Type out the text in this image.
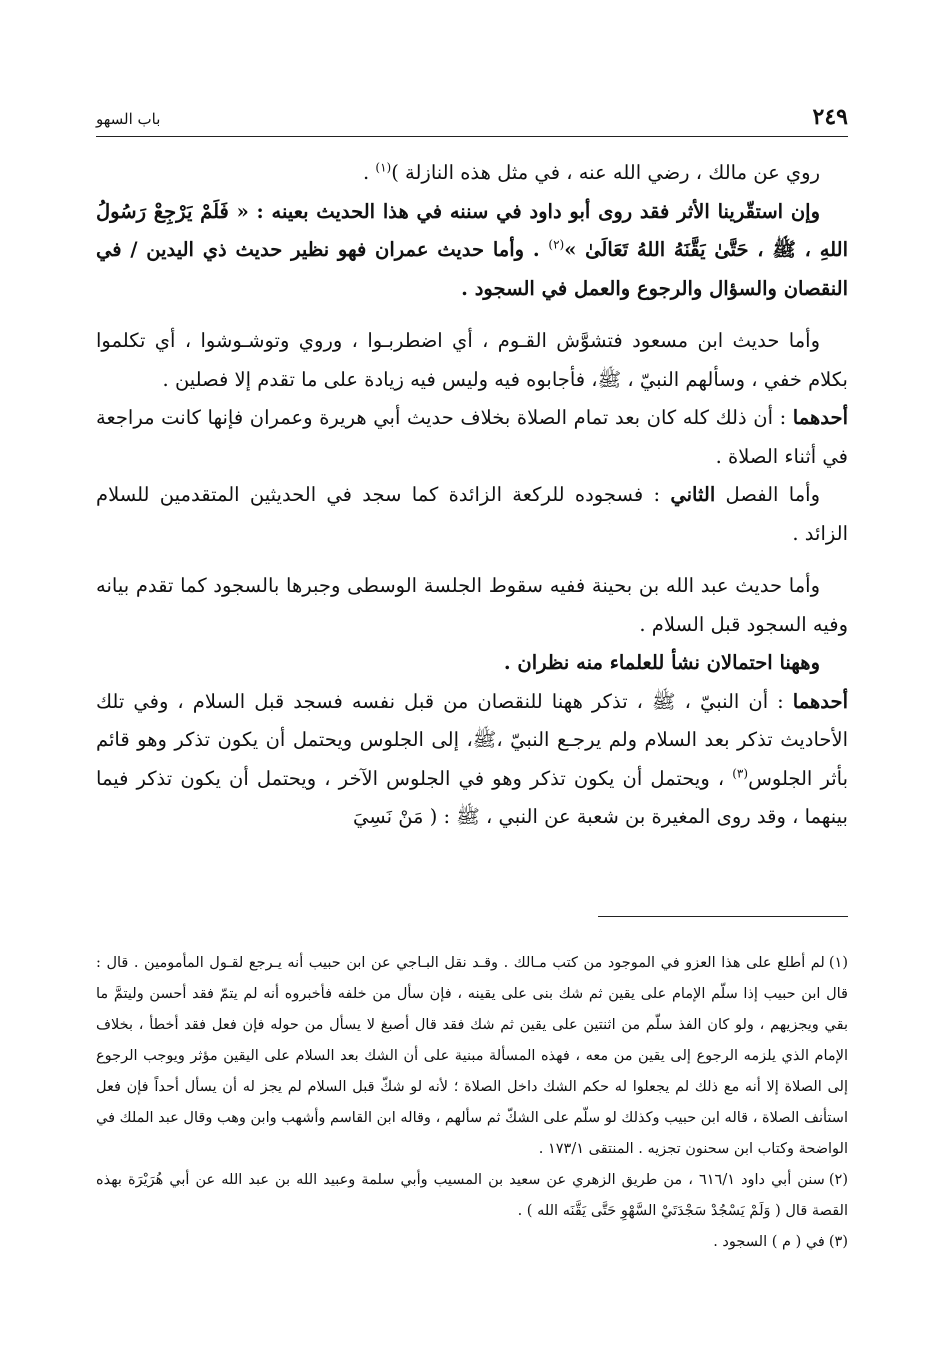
٢٤٩
باب السهو

روي عن مالك ، رضي الله عنه ، في مثل هذه النازلة )$^{(١)}$ .

وإن استقّرينا الأثر فقد روى أبو داود في سننه في هذا الحديث بعينه : « فَلَمْ يَرْجِعْ رَسُولُ اللهِ ، ﷺ ، حَتَّىٰ يَقَّنَهُ اللهُ تَعَالَىٰ »$^{(٢)}$ . وأما حديث عمران فهو نظير حديث ذي اليدين / في النقصان والسؤال والرجوع والعمل في السجود .

وأما حديث ابن مسعود فتشوَّش القـوم ، أي اضطربـوا ، وروي وتوشـوشوا ، أي تكلموا بكلام خفي ، وسألهم النبيّ ، ﷺ، فأجابوه فيه وليس فيه زيادة على ما تقدم إلا فصلين .

أحدهما : أن ذلك كله كان بعد تمام الصلاة بخلاف حديث أبي هريرة وعمران فإنها كانت مراجعة في أثناء الصلاة .

وأما الفصل الثاني : فسجوده للركعة الزائدة كما سجد في الحديثين المتقدمين للسلام الزائد .

وأما حديث عبد الله بن بحينة ففيه سقوط الجلسة الوسطى وجبرها بالسجود كما تقدم بيانه وفيه السجود قبل السلام .

وههنا احتمالان نشأ للعلماء منه نظران .

أحدهما : أن النبيّ ، ﷺ ، تذكر ههنا للنقصان من قبل نفسه فسجد قبل السلام ، وفي تلك الأحاديث تذكر بعد السلام ولم يرجـع النبيّ ،ﷺ، إلى الجلوس ويحتمل أن يكون تذكر وهو قائم بأثر الجلوس$^{(٣)}$ ، ويحتمل أن يكون تذكر وهو في الجلوس الآخر ، ويحتمل أن يكون تذكر فيما بينهما ، وقد روى المغيرة بن شعبة عن النبي ، ﷺ : ( مَنْ نَسِيَ

(١)لم أطلع على هذا العزو في الموجود من كتب مـالك . وقـد نقل البـاجي عن ابن حبيب أنه يـرجع لقـول المأمومين . قال : قال ابن حبيب إذا سلّم الإمام على يقين ثم شك بنى على يقينه ، فإن سأل من خلفه فأخبروه أنه لم يتمّ فقد أحسن وليتمَّ ما بقي ويجزيهم ، ولو كان الفذ سلّم من اثنتين على يقين ثم شك فقد قال أصبغ لا يسأل من حوله فإن فعل فقد أخطأ ، بخلاف الإمام الذي يلزمه الرجوع إلى يقين من معه ، فهذه المسألة مبنية على أن الشك بعد السلام على اليقين مؤثر ويوجب الرجوع إلى الصلاة إلا أنه مع ذلك لم يجعلوا له حكم الشك داخل الصلاة ؛ لأنه لو شكّ قبل السلام لم يجز له أن يسأل أحداً فإن فعل استأنف الصلاة ، قاله ابن حبيب وكذلك لو سلّم على الشكّ ثم سألهم ، وقاله ابن القاسم وأشهب وابن وهب وقال عبد الملك في الواضحة وكتاب ابن سحنون تجزيه . المنتقى ١٧٣/١ .

(٢)سنن أبي داود ٦١٦/١ ، من طريق الزهري عن سعيد بن المسيب وأبي سلمة وعبيد الله بن عبد الله عن أبي هُرَيْرَة بهذه القصة قال ( وَلَمْ يَسْجُدْ سَجْدَتَيْ السَّهْوِ حَتَّى يَقَّنَه الله ) .

(٣)في ( م ) السجود .
